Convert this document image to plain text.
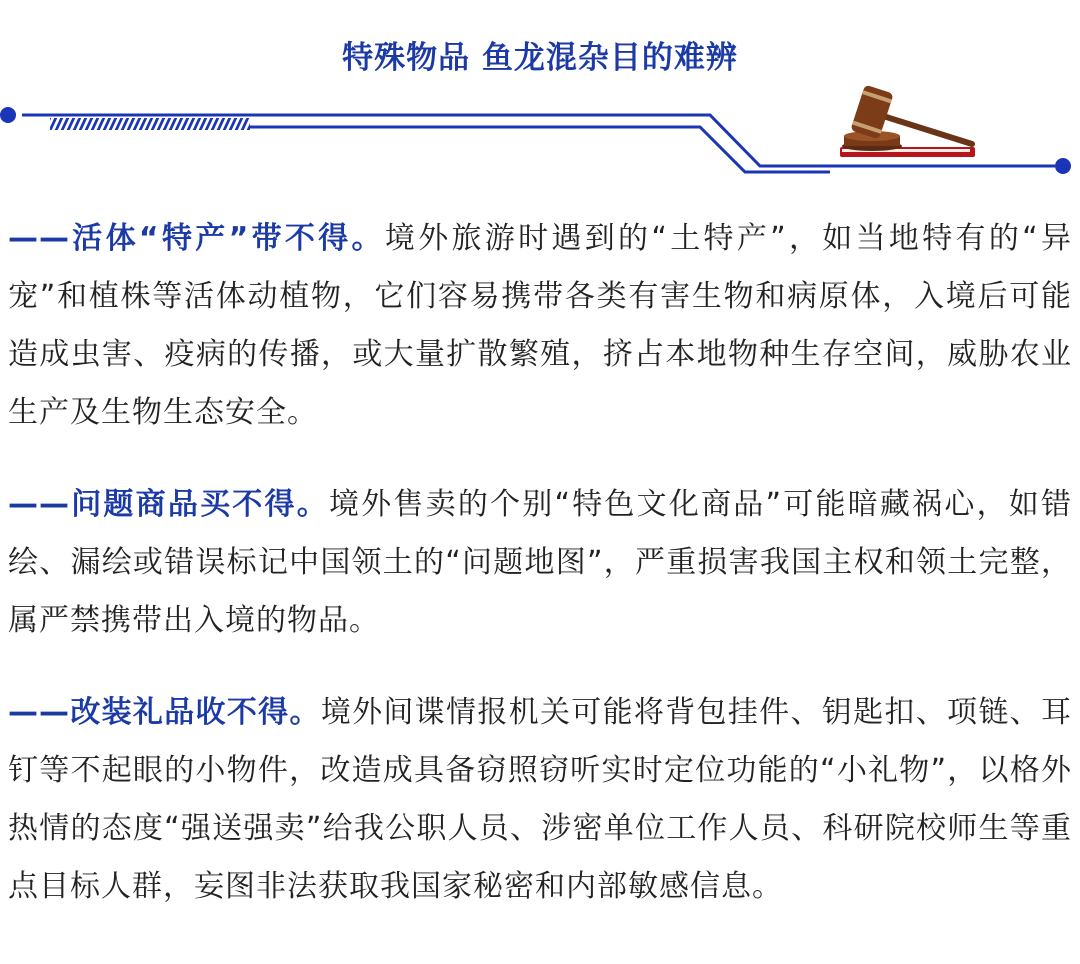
特殊物品 鱼龙混杂目的难辨

——活体“特产”带不得。境外旅游时遇到的“土特产”，如当地特有的“异宠”和植株等活体动植物，它们容易携带各类有害生物和病原体，入境后可能造成虫害、疫病的传播，或大量扩散繁殖，挤占本地物种生存空间，威胁农业生产及生物生态安全。

——问题商品买不得。境外售卖的个别“特色文化商品”可能暗藏祸心，如错绘、漏绘或错误标记中国领土的“问题地图”，严重损害我国主权和领土完整，属严禁携带出入境的物品。

——改装礼品收不得。境外间谍情报机关可能将背包挂件、钥匙扣、项链、耳钉等不起眼的小物件，改造成具备窃照窃听实时定位功能的“小礼物”，以格外热情的态度“强送强卖”给我公职人员、涉密单位工作人员、科研院校师生等重点目标人群，妄图非法获取我国家秘密和内部敏感信息。
